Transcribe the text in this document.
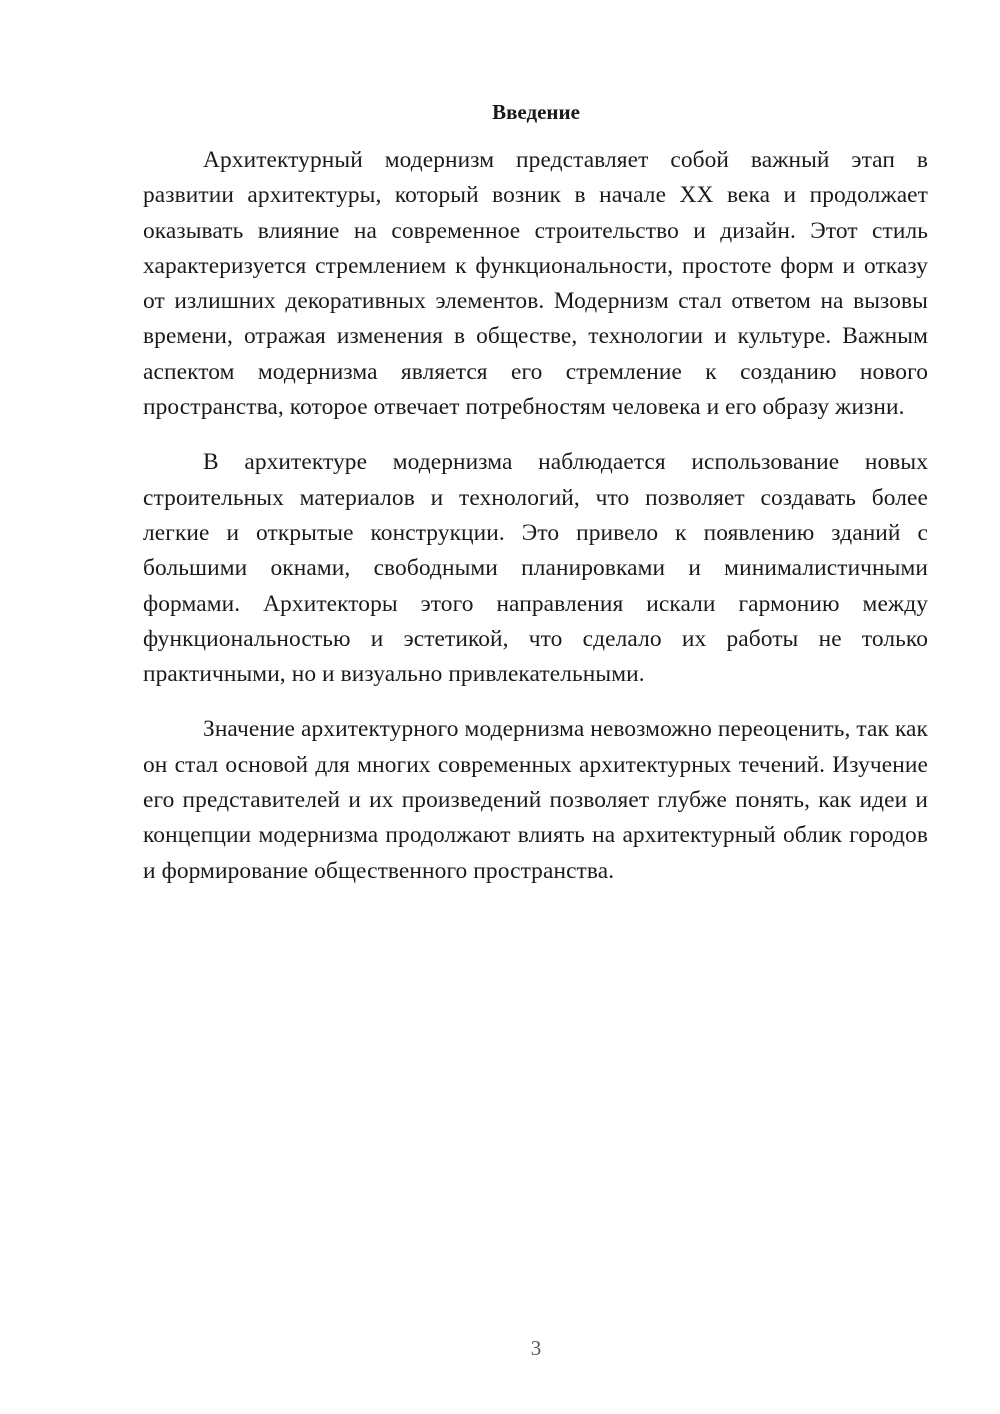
Введение

Архитектурный модернизм представляет собой важный этап в развитии архитектуры, который возник в начале XX века и продолжает оказывать влияние на современное строительство и дизайн. Этот стиль характеризуется стремлением к функциональности, простоте форм и отказу от излишних декоративных элементов. Модернизм стал ответом на вызовы времени, отражая изменения в обществе, технологии и культуре. Важным аспектом модернизма является его стремление к созданию нового пространства, которое отвечает потребностям человека и его образу жизни.

В архитектуре модернизма наблюдается использование новых строительных материалов и технологий, что позволяет создавать более легкие и открытые конструкции. Это привело к появлению зданий с большими окнами, свободными планировками и минималистичными формами. Архитекторы этого направления искали гармонию между функциональностью и эстетикой, что сделало их работы не только практичными, но и визуально привлекательными.

Значение архитектурного модернизма невозможно переоценить, так как он стал основой для многих современных архитектурных течений. Изучение его представителей и их произведений позволяет глубже понять, как идеи и концепции модернизма продолжают влиять на архитектурный облик городов и формирование общественного пространства.

3
